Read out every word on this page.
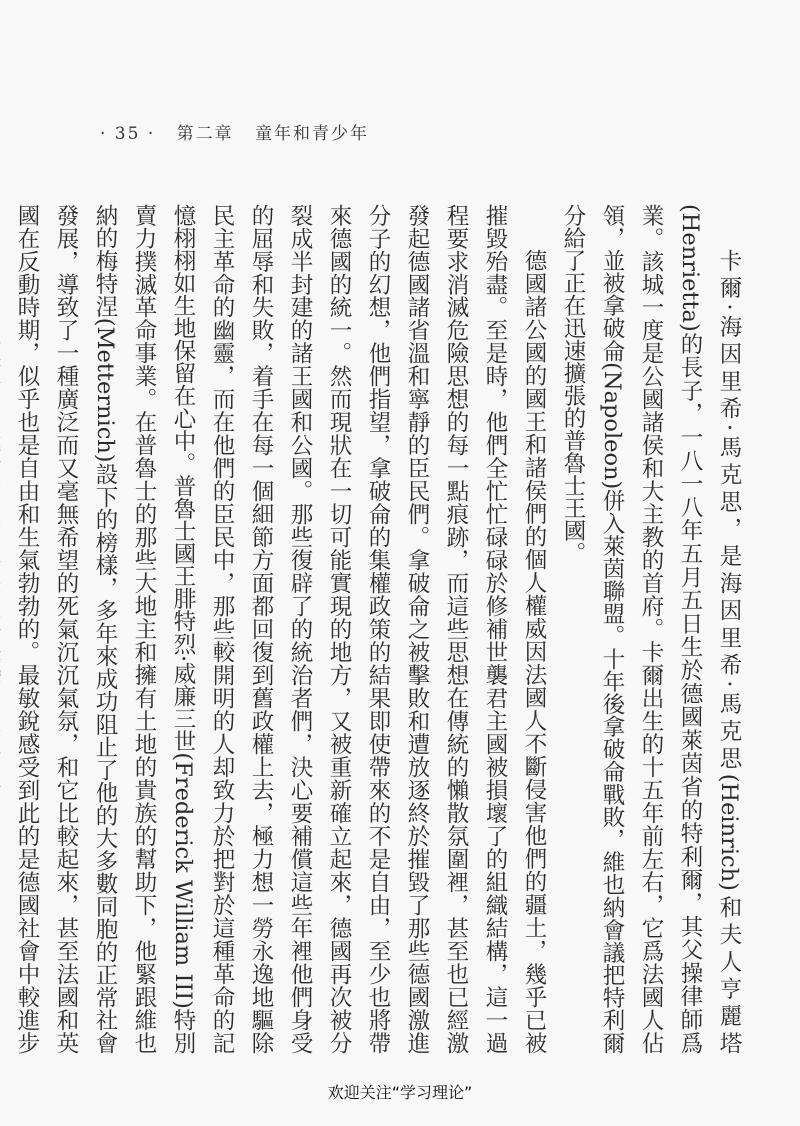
· 35 · 第二章 童年和青少年

卡爾·海因里希·馬克思，是海因里希·馬克思(Heinrich)和夫人亨麗塔(Henrietta)的長子，一八一八年五月五日生於德國萊茵省的特利爾，其父操律師爲業。該城一度是公國諸侯和大主教的首府。卡爾出生的十五年前左右，它爲法國人佔領，並被拿破侖(Napoleon)併入萊茵聯盟。十年後拿破侖戰敗，維也納會議把特利爾分給了正在迅速擴張的普魯士王國。

德國諸公國的國王和諸侯們的個人權威因法國人不斷侵害他們的疆土，幾乎已被摧毀殆盡。至是時，他們全忙忙碌碌於修補世襲君主國被損壞了的組織結構，這一過程要求消滅危險思想的每一點痕跡，而這些思想在傳統的懶散氛圍裡，甚至也已經激發起德國諸省溫和寧靜的臣民們。拿破侖之被擊敗和遭放逐終於摧毀了那些德國激進分子的幻想，他們指望，拿破侖的集權政策的結果即使帶來的不是自由，至少也將帶來德國的統一。然而現狀在一切可能實現的地方，又被重新確立起來，德國再次被分裂成半封建的諸王國和公國。那些復辟了的統治者們，決心要補償這些年裡他們身受的屈辱和失敗，着手在每一個細節方面都回復到舊政權上去，極力想一勞永逸地驅除民主革命的幽靈，而在他們的臣民中，那些較開明的人却致力於把對於這種革命的記憶栩栩如生地保留在心中。普魯士國王腓特烈·威廉三世(Frederick William III)特別賣力撲滅革命事業。在普魯士的那些大地主和擁有土地的貴族的幫助下，他緊跟維也納的梅特涅(Metternich)設下的榜樣，多年來成功阻止了他的大多數同胞的正常社會發展，導致了一種廣泛而又毫無希望的死氣沉沉氣氛，和它比較起來，甚至法國和英國在反動時期，似乎也是自由和生氣勃勃的。最敏銳感受到此的是德國社會中較進步

欢迎关注“学习理论”
